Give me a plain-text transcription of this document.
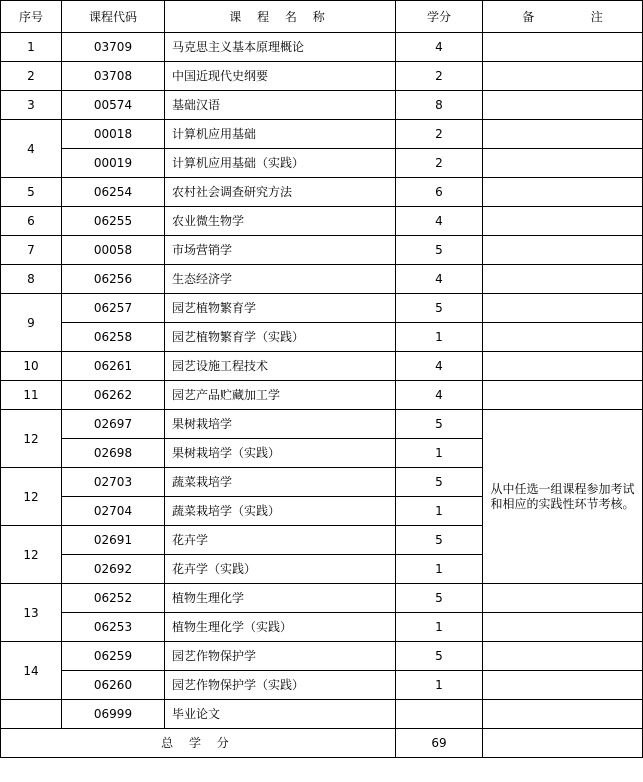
序号	课程代码	课 程 名 称	学分	备 注
1	03709	马克思主义基本原理概论	4	
2	03708	中国近现代史纲要	2	
3	00574	基础汉语	8	
4	00018	计算机应用基础	2	
	00019	计算机应用基础（实践）	2	
5	06254	农村社会调查研究方法	6	
6	06255	农业微生物学	4	
7	00058	市场营销学	5	
8	06256	生态经济学	4	
9	06257	园艺植物繁育学	5	
	06258	园艺植物繁育学（实践）	1	
10	06261	园艺设施工程技术	4	
11	06262	园艺产品贮藏加工学	4	
12	02697	果树栽培学	5	从中任选一组课程参加考试和相应的实践性环节考核。
	02698	果树栽培学（实践）	1	
12	02703	蔬菜栽培学	5	
	02704	蔬菜栽培学（实践）	1	
12	02691	花卉学	5	
	02692	花卉学（实践）	1	
13	06252	植物生理化学	5	
	06253	植物生理化学（实践）	1	
14	06259	园艺作物保护学	5	
	06260	园艺作物保护学（实践）	1	
	06999	毕业论文		
总 学 分			69	
